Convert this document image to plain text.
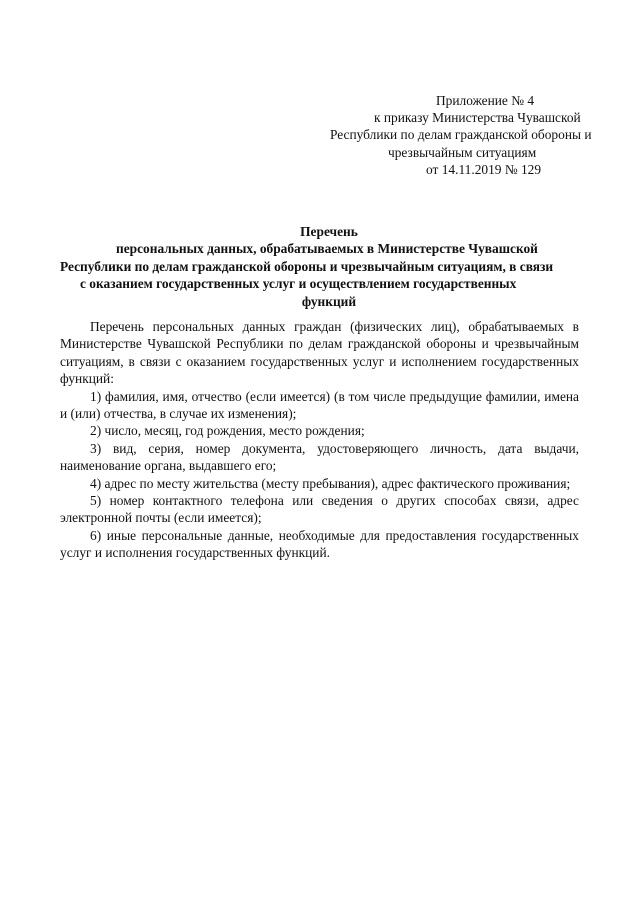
Приложение № 4
к приказу Министерства Чувашской
Республики по делам гражданской обороны и
чрезвычайным ситуациям
от 14.11.2019 № 129
Перечень
персональных данных, обрабатываемых в Министерстве Чувашской
Республики по делам гражданской обороны и чрезвычайным ситуациям, в связи
с оказанием государственных услуг и осуществлением государственных
функций

Перечень персональных данных граждан (физических лиц), обрабатываемых в Министерстве Чувашской Республики по делам гражданской обороны и чрезвычайным ситуациям, в связи с оказанием государственных услуг и исполнением государственных функций:

1) фамилия, имя, отчество (если имеется) (в том числе предыдущие фамилии, имена и (или) отчества, в случае их изменения);

2) число, месяц, год рождения, место рождения;

3) вид, серия, номер документа, удостоверяющего личность, дата выдачи, наименование органа, выдавшего его;

4) адрес по месту жительства (месту пребывания), адрес фактического проживания;

5) номер контактного телефона или сведения о других способах связи, адрес электронной почты (если имеется);

6) иные персональные данные, необходимые для предоставления государственных услуг и исполнения государственных функций.
